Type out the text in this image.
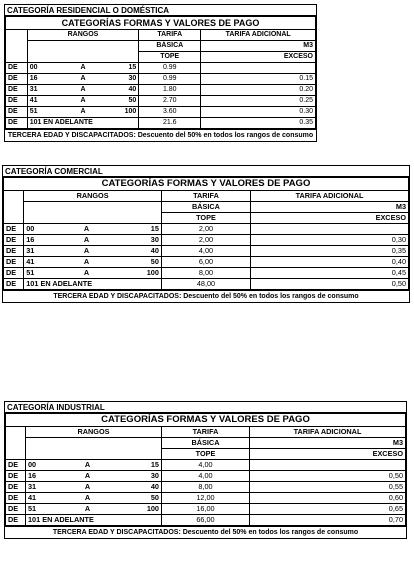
CATEGORÍA RESIDENCIAL O DOMÉSTICA
CATEGORÍAS FORMAS Y VALORES DE PAGO					
	RANGOS			TARIFA	TARIFA ADICIONAL
				BÁSICA	M3
				TOPE	EXCESO
DE	00	A	15	0.99	
DE	16	A	30	0.99	0.15
DE	31	A	40	1.80	0.20
DE	41	A	50	2.70	0.25
DE	51	A	100	3.60	0.30
DE	101 EN ADELANTE			21.6	0.35
TERCERA EDAD Y DISCAPACITADOS: Descuento del 50% en todos los rangos de consumo
CATEGORÍA COMERCIAL
CATEGORÍAS FORMAS Y VALORES DE PAGO					
	RANGOS			TARIFA	TARIFA ADICIONAL
				BÁSICA	M3
				TOPE	EXCESO
DE	00	A	15	2,00	
DE	16	A	30	2,00	0,30
DE	31	A	40	4,00	0,35
DE	41	A	50	6,00	0,40
DE	51	A	100	8,00	0,45
DE	101 EN ADELANTE			48,00	0,50
TERCERA EDAD Y DISCAPACITADOS: Descuento del 50% en todos los rangos de consumo
CATEGORÍA INDUSTRIAL
CATEGORÍAS FORMAS Y VALORES DE PAGO					
	RANGOS			TARIFA	TARIFA ADICIONAL
				BÁSICA	M3
				TOPE	EXCESO
DE	00	A	15	4,00	
DE	16	A	30	4,00	0,50
DE	31	A	40	8,00	0,55
DE	41	A	50	12,00	0,60
DE	51	A	100	16,00	0,65
DE	101 EN ADELANTE			66,00	0,70
TERCERA EDAD Y DISCAPACITADOS: Descuento del 50% en todos los rangos de consumo
